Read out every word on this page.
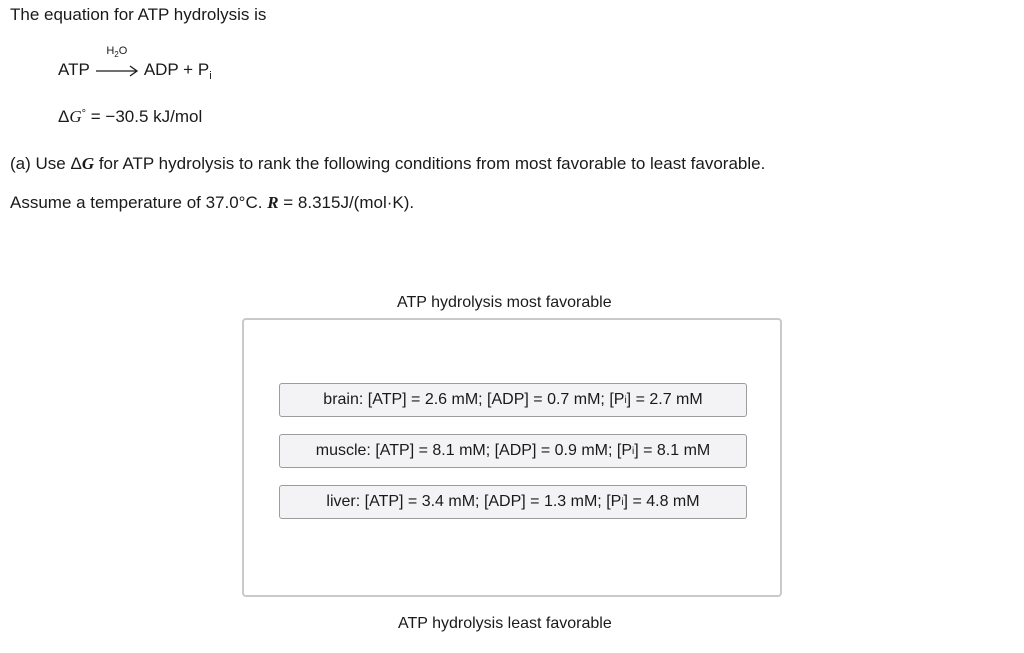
The equation for ATP hydrolysis is
ATP
$H_2O$
ADP + $P_i$
ΔG° = −30.5 kJ/mol
(a) Use ΔG for ATP hydrolysis to rank the following conditions from most favorable to least favorable.
Assume a temperature of 37.0°C. R = 8.315J/(mol·K).
ATP hydrolysis most favorable
brain: [ATP] = 2.6 mM; [ADP] = 0.7 mM; [P i ] = 2.7 mM
muscle: [ATP] = 8.1 mM; [ADP] = 0.9 mM; [P i ] = 8.1 mM
liver: [ATP] = 3.4 mM; [ADP] = 1.3 mM; [P i ] = 4.8 mM
ATP hydrolysis least favorable
